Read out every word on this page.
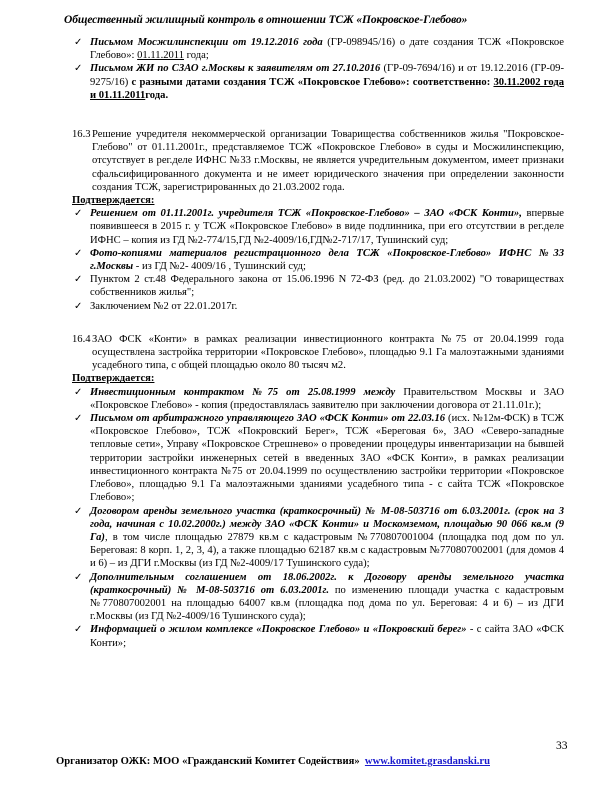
Общественный жилищный контроль в отношении ТСЖ «Покровское-Глебово»
✓ Письмом Мосжилинспекции от 19.12.2016 года (ГР-098945/16) о дате создания ТСЖ «Покровское Глебово»: 01.11.2011 года;
✓ Письмом ЖИ по СЗАО г.Москвы к заявителям от 27.10.2016 (ГР-09-7694/16) и от 19.12.2016 (ГР-09-9275/16) с разными датами создания ТСЖ «Покровское Глебово»: соответственно: 30.11.2002 года и 01.11.2011года.
16.3 Решение учредителя некоммерческой организации Товарищества собственников жилья "Покровское-Глебово" от 01.11.2001г., представляемое ТСЖ «Покровское Глебово» в суды и Мосжилинспекцию, отсутствует в рег.деле ИФНС №33 г.Москвы, не является учредительным документом, имеет признаки сфальсифицированного документа и не имеет юридического значения при определении законности создания ТСЖ, зарегистрированных до 21.03.2002 года.

Подтверждается:

✓ Решением от 01.11.2001г. учредителя ТСЖ «Покровское-Глебово» – ЗАО «ФСК Конти», впервые появившееся в 2015 г. у ТСЖ «Покровское Глебово» в виде подлинника, при его отсутствии в рег.деле ИФНС – копия из ГД №2-774/15,ГД №2-4009/16,ГД№2-717/17, Тушинский суд;
✓ Фото-копиями материалов регистрационного дела ТСЖ «Покровское-Глебово» ИФНС №33 г.Москвы - из ГД №2- 4009/16 , Тушинский суд;
✓ Пунктом 2 ст.48 Федерального закона от 15.06.1996 N 72-ФЗ (ред. до 21.03.2002) "О товариществах собственников жилья";
✓ Заключением №2 от 22.01.2017г.
16.4 ЗАО ФСК «Конти» в рамках реализации инвестиционного контракта №75 от 20.04.1999 года осуществлена застройка территории «Покровское Глебово», площадью 9.1 Га малоэтажными зданиями усадебного типа, с общей площадью около 80 тысяч м2.

Подтверждается:

✓ Инвестиционным контрактом №75 от 25.08.1999 между Правительством Москвы и ЗАО «Покровское Глебово» - копия (предоставлялась заявителю при заключении договора от 21.11.01г.);
✓ Письмом от арбитражного управляющего ЗАО «ФСК Конти» от 22.03.16 (исх. №12м-ФСК) в ТСЖ «Покровское Глебово», ТСЖ «Покровский Берег», ТСЖ «Береговая 6», ЗАО «Северо-западные тепловые сети», Управу «Покровское Стрешнево» о проведении процедуры инвентаризации на бывшей территории застройки инженерных сетей в введенных ЗАО «ФСК Конти», в рамках реализации инвестиционного контракта №75 от 20.04.1999 по осуществлению застройки территории «Покровское Глебово», площадью 9.1 Га малоэтажными зданиями усадебного типа - с сайта ТСЖ «Покровское Глебово»;
✓ Договором аренды земельного участка (краткосрочный) № М-08-503716 от 6.03.2001г. (срок на 3 года, начиная с 10.02.2000г.) между ЗАО «ФСК Конти» и Москомземом, площадью 90 066 кв.м (9 Га), в том числе площадью 27879 кв.м с кадастровым №770807001004 (площадка под дом по ул. Береговая: 8 корп. 1, 2, 3, 4), а также площадью 62187 кв.м с кадастровым №770807002001 (для домов 4 и 6) – из ДГИ г.Москвы (из ГД №2-4009/17 Тушинского суда);
✓ Дополнительным соглашением от 18.06.2002г. к Договору аренды земельного участка (краткосрочный) № М-08-503716 от 6.03.2001г. по изменению площади участка с кадастровым №770807002001 на площадью 64007 кв.м (площадка под дома по ул. Береговая: 4 и 6) – из ДГИ г.Москвы (из ГД №2-4009/16 Тушинского суда);
✓ Информацией о жилом комплексе «Покровское Глебово» и «Покровский берег» - с сайта ЗАО «ФСК Конти»;
33
Организатор ОЖК: МОО «Гражданский Комитет Содействия» www.komitet.grasdanski.ru
